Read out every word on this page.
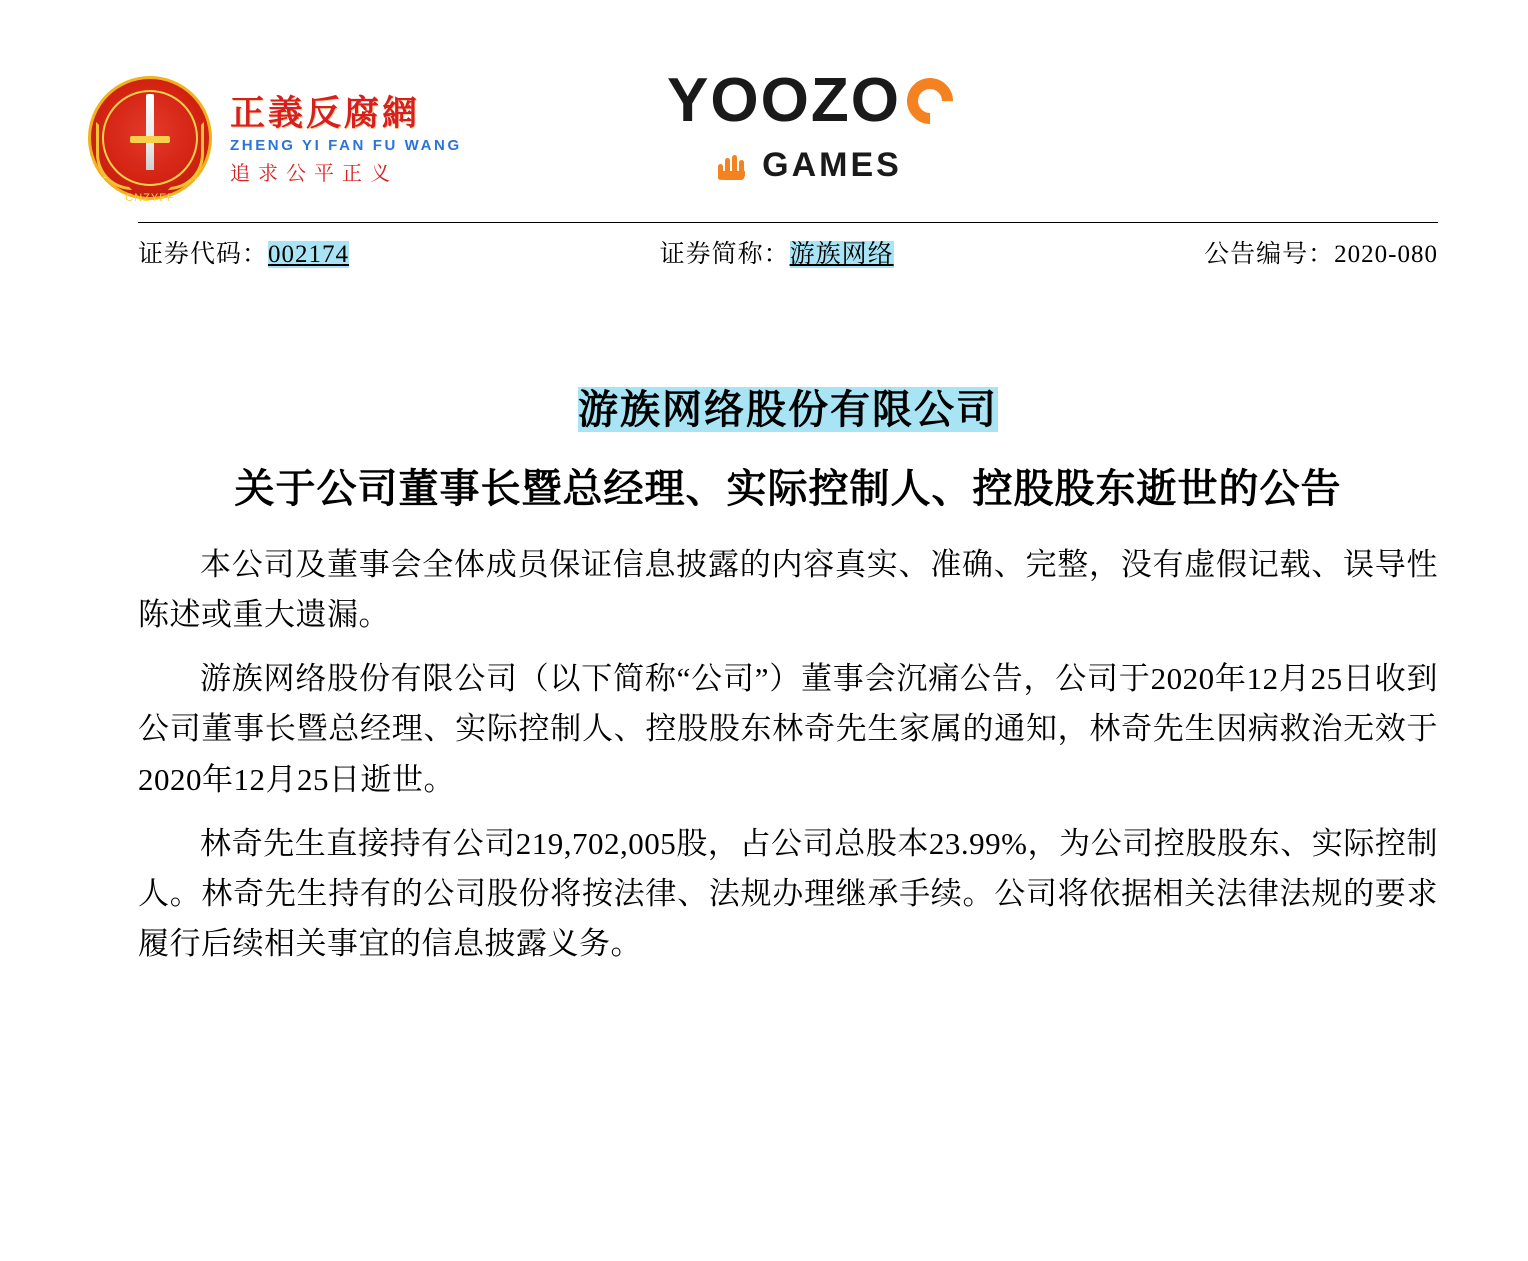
正	义
CNZYFF
正義反腐網
ZHENG YI FAN FU WANG
追求公平正义
YOOZO
GAMES
证券代码：002174	证券简称：游族网络	公告编号：2020-080
游族网络股份有限公司
关于公司董事长暨总经理、实际控制人、控股股东逝世的公告

本公司及董事会全体成员保证信息披露的内容真实、准确、完整，没有虚假记载、误导性陈述或重大遗漏。

游族网络股份有限公司（以下简称“公司”）董事会沉痛公告，公司于2020年12月25日收到公司董事长暨总经理、实际控制人、控股股东林奇先生家属的通知，林奇先生因病救治无效于2020年12月25日逝世。

林奇先生直接持有公司219,702,005股，占公司总股本23.99%，为公司控股股东、实际控制人。林奇先生持有的公司股份将按法律、法规办理继承手续。公司将依据相关法律法规的要求履行后续相关事宜的信息披露义务。
